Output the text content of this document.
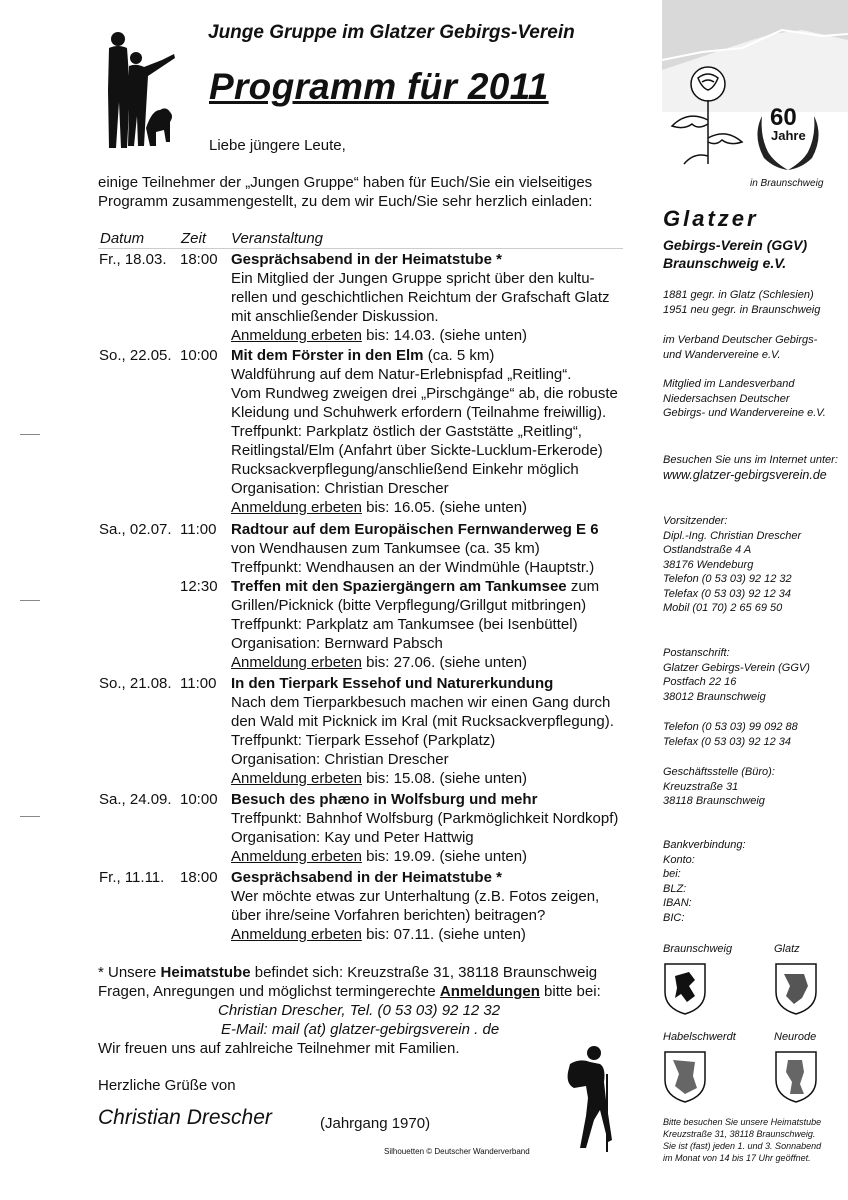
Junge Gruppe im Glatzer Gebirgs-Verein
Programm für 2011
Liebe jüngere Leute,
einige Teilnehmer der „Jungen Gruppe“ haben für Euch/Sie ein vielseitiges
Programm zusammengestellt, zu dem wir Euch/Sie sehr herzlich einladen:
Datum Zeit Veranstaltung
Fr., 18.03. 18:00 Gesprächsabend in der Heimatstube *
Ein Mitglied der Jungen Gruppe spricht über den kultu-
rellen und geschichtlichen Reichtum der Grafschaft Glatz
mit anschließender Diskussion.
Anmeldung erbeten bis: 14.03. (siehe unten)
So., 22.05. 10:00 Mit dem Förster in den Elm (ca. 5 km)
Waldführung auf dem Natur-Erlebnispfad „Reitling“.
Vom Rundweg zweigen drei „Pirschgänge“ ab, die robuste
Kleidung und Schuhwerk erfordern (Teilnahme freiwillig).
Treffpunkt: Parkplatz östlich der Gaststätte „Reitling“,
Reitlingstal/Elm (Anfahrt über Sickte-Lucklum-Erkerode)
Rucksackverpflegung/anschließend Einkehr möglich
Organisation: Christian Drescher
Anmeldung erbeten bis: 16.05. (siehe unten)
Sa., 02.07. 11:00 Radtour auf dem Europäischen Fernwanderweg E 6
von Wendhausen zum Tankumsee (ca. 35 km)
Treffpunkt: Wendhausen an der Windmühle (Hauptstr.)
12:30 Treffen mit den Spaziergängern am Tankumsee zum
Grillen/Picknick (bitte Verpflegung/Grillgut mitbringen)
Treffpunkt: Parkplatz am Tankumsee (bei Isenbüttel)
Organisation: Bernward Pabsch
Anmeldung erbeten bis: 27.06. (siehe unten)
So., 21.08. 11:00 In den Tierpark Essehof und Naturerkundung
Nach dem Tierparkbesuch machen wir einen Gang durch
den Wald mit Picknick im Kral (mit Rucksackverpflegung).
Treffpunkt: Tierpark Essehof (Parkplatz)
Organisation: Christian Drescher
Anmeldung erbeten bis: 15.08. (siehe unten)
Sa., 24.09. 10:00 Besuch des phæno in Wolfsburg und mehr
Treffpunkt: Bahnhof Wolfsburg (Parkmöglichkeit Nordkopf)
Organisation: Kay und Peter Hattwig
Anmeldung erbeten bis: 19.09. (siehe unten)
Fr., 11.11. 18:00 Gesprächsabend in der Heimatstube *
Wer möchte etwas zur Unterhaltung (z.B. Fotos zeigen,
über ihre/seine Vorfahren berichten) beitragen?
Anmeldung erbeten bis: 07.11. (siehe unten)
* Unsere Heimatstube befindet sich: Kreuzstraße 31, 38118 Braunschweig
Fragen, Anregungen und möglichst termingerechte Anmeldungen bitte bei:
Christian Drescher, Tel. (0 53 03) 92 12 32
E-Mail: mail (at) glatzer-gebirgsverein . de
Wir freuen uns auf zahlreiche Teilnehmer mit Familien.
Herzliche Grüße von
Christian Drescher	(Jahrgang 1970)
Silhouetten © Deutscher Wanderverband
60
Jahre
in Braunschweig
Glatzer
Gebirgs-Verein (GGV)
Braunschweig e.V.
1881 gegr. in Glatz (Schlesien)
1951 neu gegr. in Braunschweig
im Verband Deutscher Gebirgs-
und Wandervereine e.V.
Mitglied im Landesverband
Niedersachsen Deutscher
Gebirgs- und Wandervereine e.V.
Besuchen Sie uns im Internet unter:
www.glatzer-gebirgsverein.de
Vorsitzender:
Dipl.-Ing. Christian Drescher
Ostlandstraße 4 A
38176 Wendeburg
Telefon (0 53 03) 92 12 32
Telefax (0 53 03) 92 12 34
Mobil (01 70) 2 65 69 50
Postanschrift:
Glatzer Gebirgs-Verein (GGV)
Postfach 22 16
38012 Braunschweig
Telefon (0 53 03) 99 092 88
Telefax (0 53 03) 92 12 34
Geschäftsstelle (Büro):
Kreuzstraße 31
38118 Braunschweig
Bankverbindung:
Konto:
bei:
BLZ:
IBAN:
BIC:
Braunschweig	Glatz
Habelschwerdt	Neurode
Bitte besuchen Sie unsere Heimatstube
Kreuzstraße 31, 38118 Braunschweig.
Sie ist (fast) jeden 1. und 3. Sonnabend
im Monat von 14 bis 17 Uhr geöffnet.
